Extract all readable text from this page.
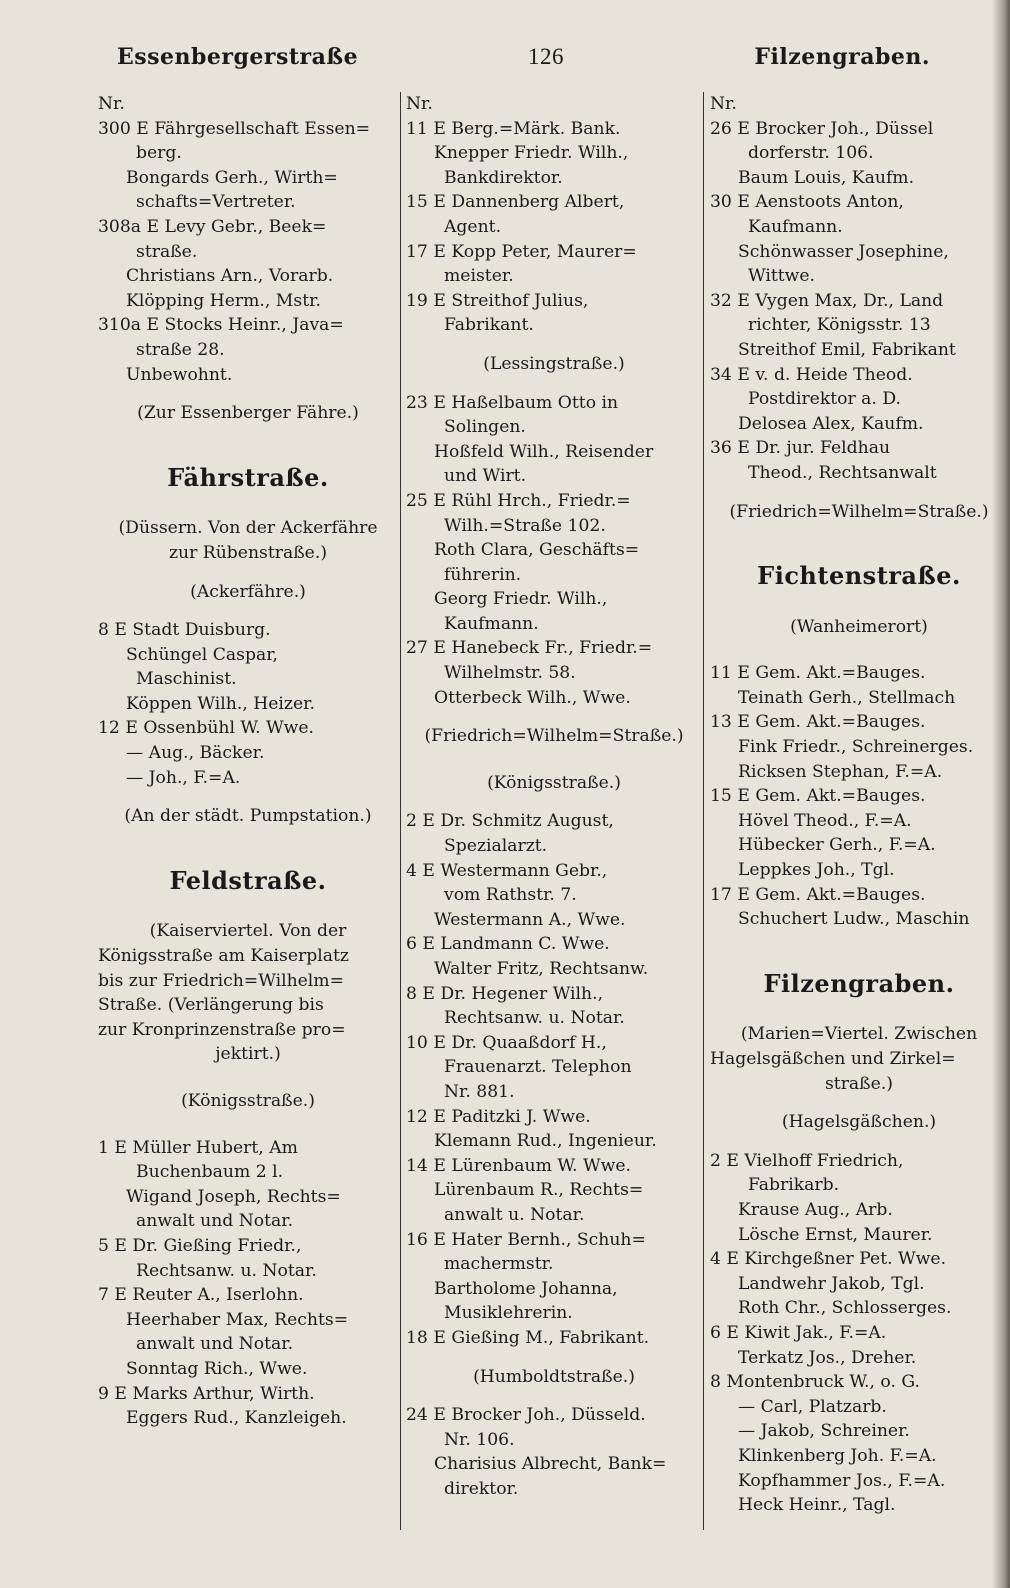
Essenbergerstraße	126	Filzengraben.
Nr.
300 E Fährgesellschaft Essen=
berg.
Bongards Gerh., Wirth=
schafts=Vertreter.
308a E Levy Gebr., Beek=
straße.
Christians Arn., Vorarb.
Klöpping Herm., Mstr.
310a E Stocks Heinr., Java=
straße 28.
Unbewohnt.
(Zur Essenberger Fähre.)
Fährstraße.
(Düssern. Von der Ackerfähre
zur Rübenstraße.)
(Ackerfähre.)
8 E Stadt Duisburg.
Schüngel Caspar,
Maschinist.
Köppen Wilh., Heizer.
12 E Ossenbühl W. Wwe.
— Aug., Bäcker.
— Joh., F.=A.
(An der städt. Pumpstation.)
Feldstraße.
(Kaiserviertel. Von der
Königsstraße am Kaiserplatz
bis zur Friedrich=Wilhelm=
Straße. (Verlängerung bis
zur Kronprinzenstraße pro=
jektirt.)
(Königsstraße.)
1 E Müller Hubert, Am
Buchenbaum 2 l.
Wigand Joseph, Rechts=
anwalt und Notar.
5 E Dr. Gießing Friedr.,
Rechtsanw. u. Notar.
7 E Reuter A., Iserlohn.
Heerhaber Max, Rechts=
anwalt und Notar.
Sonntag Rich., Wwe.
9 E Marks Arthur, Wirth.
Eggers Rud., Kanzleigeh.
Nr.
11 E Berg.=Märk. Bank.
Knepper Friedr. Wilh.,
Bankdirektor.
15 E Dannenberg Albert,
Agent.
17 E Kopp Peter, Maurer=
meister.
19 E Streithof Julius,
Fabrikant.
(Lessingstraße.)
23 E Haßelbaum Otto in
Solingen.
Hoßfeld Wilh., Reisender
und Wirt.
25 E Rühl Hrch., Friedr.=
Wilh.=Straße 102.
Roth Clara, Geschäfts=
führerin.
Georg Friedr. Wilh.,
Kaufmann.
27 E Hanebeck Fr., Friedr.=
Wilhelmstr. 58.
Otterbeck Wilh., Wwe.
(Friedrich=Wilhelm=Straße.)
(Königsstraße.)
2 E Dr. Schmitz August,
Spezialarzt.
4 E Westermann Gebr.,
vom Rathstr. 7.
Westermann A., Wwe.
6 E Landmann C. Wwe.
Walter Fritz, Rechtsanw.
8 E Dr. Hegener Wilh.,
Rechtsanw. u. Notar.
10 E Dr. Quaaßdorf H.,
Frauenarzt. Telephon
Nr. 881.
12 E Paditzki J. Wwe.
Klemann Rud., Ingenieur.
14 E Lürenbaum W. Wwe.
Lürenbaum R., Rechts=
anwalt u. Notar.
16 E Hater Bernh., Schuh=
machermstr.
Bartholome Johanna,
Musiklehrerin.
18 E Gießing M., Fabrikant.
(Humboldtstraße.)
24 E Brocker Joh., Düsseld.
Nr. 106.
Charisius Albrecht, Bank=
direktor.
Nr.
26 E Brocker Joh., Düssel
dorferstr. 106.
Baum Louis, Kaufm.
30 E Aenstoots Anton,
Kaufmann.
Schönwasser Josephine,
Wittwe.
32 E Vygen Max, Dr., Land
richter, Königsstr. 13
Streithof Emil, Fabrikant
34 E v. d. Heide Theod.
Postdirektor a. D.
Delosea Alex, Kaufm.
36 E Dr. jur. Feldhau
Theod., Rechtsanwalt
(Friedrich=Wilhelm=Straße.)
Fichtenstraße.
(Wanheimerort)
11 E Gem. Akt.=Bauges.
Teinath Gerh., Stellmach
13 E Gem. Akt.=Bauges.
Fink Friedr., Schreinerges.
Ricksen Stephan, F.=A.
15 E Gem. Akt.=Bauges.
Hövel Theod., F.=A.
Hübecker Gerh., F.=A.
Leppkes Joh., Tgl.
17 E Gem. Akt.=Bauges.
Schuchert Ludw., Maschin
Filzengraben.
(Marien=Viertel. Zwischen
Hagelsgäßchen und Zirkel=
straße.)
(Hagelsgäßchen.)
2 E Vielhoff Friedrich,
Fabrikarb.
Krause Aug., Arb.
Lösche Ernst, Maurer.
4 E Kirchgeßner Pet. Wwe.
Landwehr Jakob, Tgl.
Roth Chr., Schlosserges.
6 E Kiwit Jak., F.=A.
Terkatz Jos., Dreher.
8 Montenbruck W., o. G.
— Carl, Platzarb.
— Jakob, Schreiner.
Klinkenberg Joh. F.=A.
Kopfhammer Jos., F.=A.
Heck Heinr., Tagl.
